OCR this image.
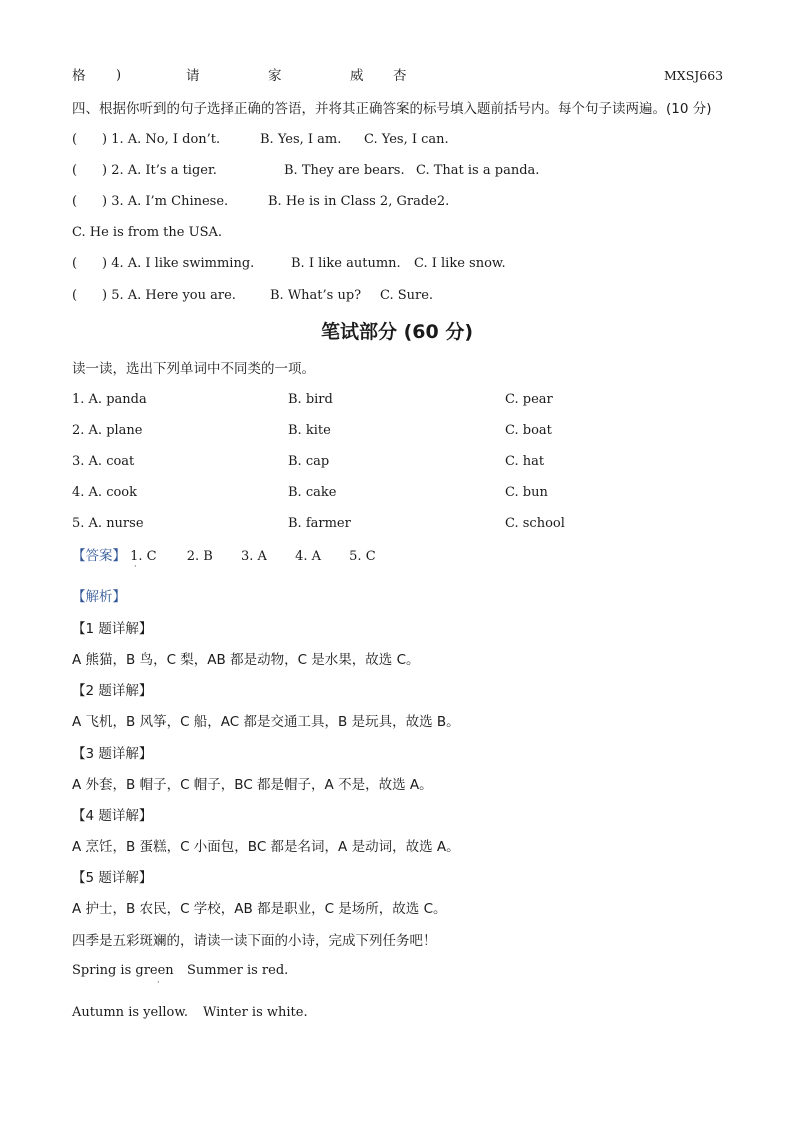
格 )	请	家	威 杏	MXSJ663
四、根据你听到的句子选择正确的答语，并将其正确答案的标号填入题前括号内。每个句子读两遍。(10 分)
( ) 1. A. No, I don’t.	B. Yes, I am. C. Yes, I can.
( ) 2. A. It’s a tiger.	B. They are bears. C. That is a panda.
( ) 3. A. I’m Chinese.	B. He is in Class 2, Grade2.
C. He is from the USA.
( ) 4. A. I like swimming.	B. I like autumn. C. I like snow.
( ) 5. A. Here you are.	B. What’s up? C. Sure.
笔试部分 (60 分)
读一读，选出下列单词中不同类的一项。
1. A. panda	B. bird	C. pear
2. A. plane	B. kite	C. boat
3. A. coat	B. cap	C. hat
4. A. cook	B. cake	C. bun
5. A. nurse	B. farmer	C. school
【答案】 1. C 2. B 3. A 4. A 5. C
·
【解析】
【1 题详解】
A 熊猫，B 鸟，C 梨，AB 都是动物，C 是水果，故选 C。
【2 题详解】
A 飞机，B 风筝，C 船，AC 都是交通工具，B 是玩具，故选 B。
【3 题详解】
A 外套，B 帽子，C 帽子，BC 都是帽子，A 不是，故选 A。
【4 题详解】
A 烹饪，B 蛋糕，C 小面包，BC 都是名词，A 是动词，故选 A。
【5 题详解】
A 护士，B 农民，C 学校，AB 都是职业，C 是场所，故选 C。
四季是五彩斑斓的，请读一读下面的小诗，完成下列任务吧！
Spring is green Summer is red.
·
Autumn is yellow. Winter is white.
